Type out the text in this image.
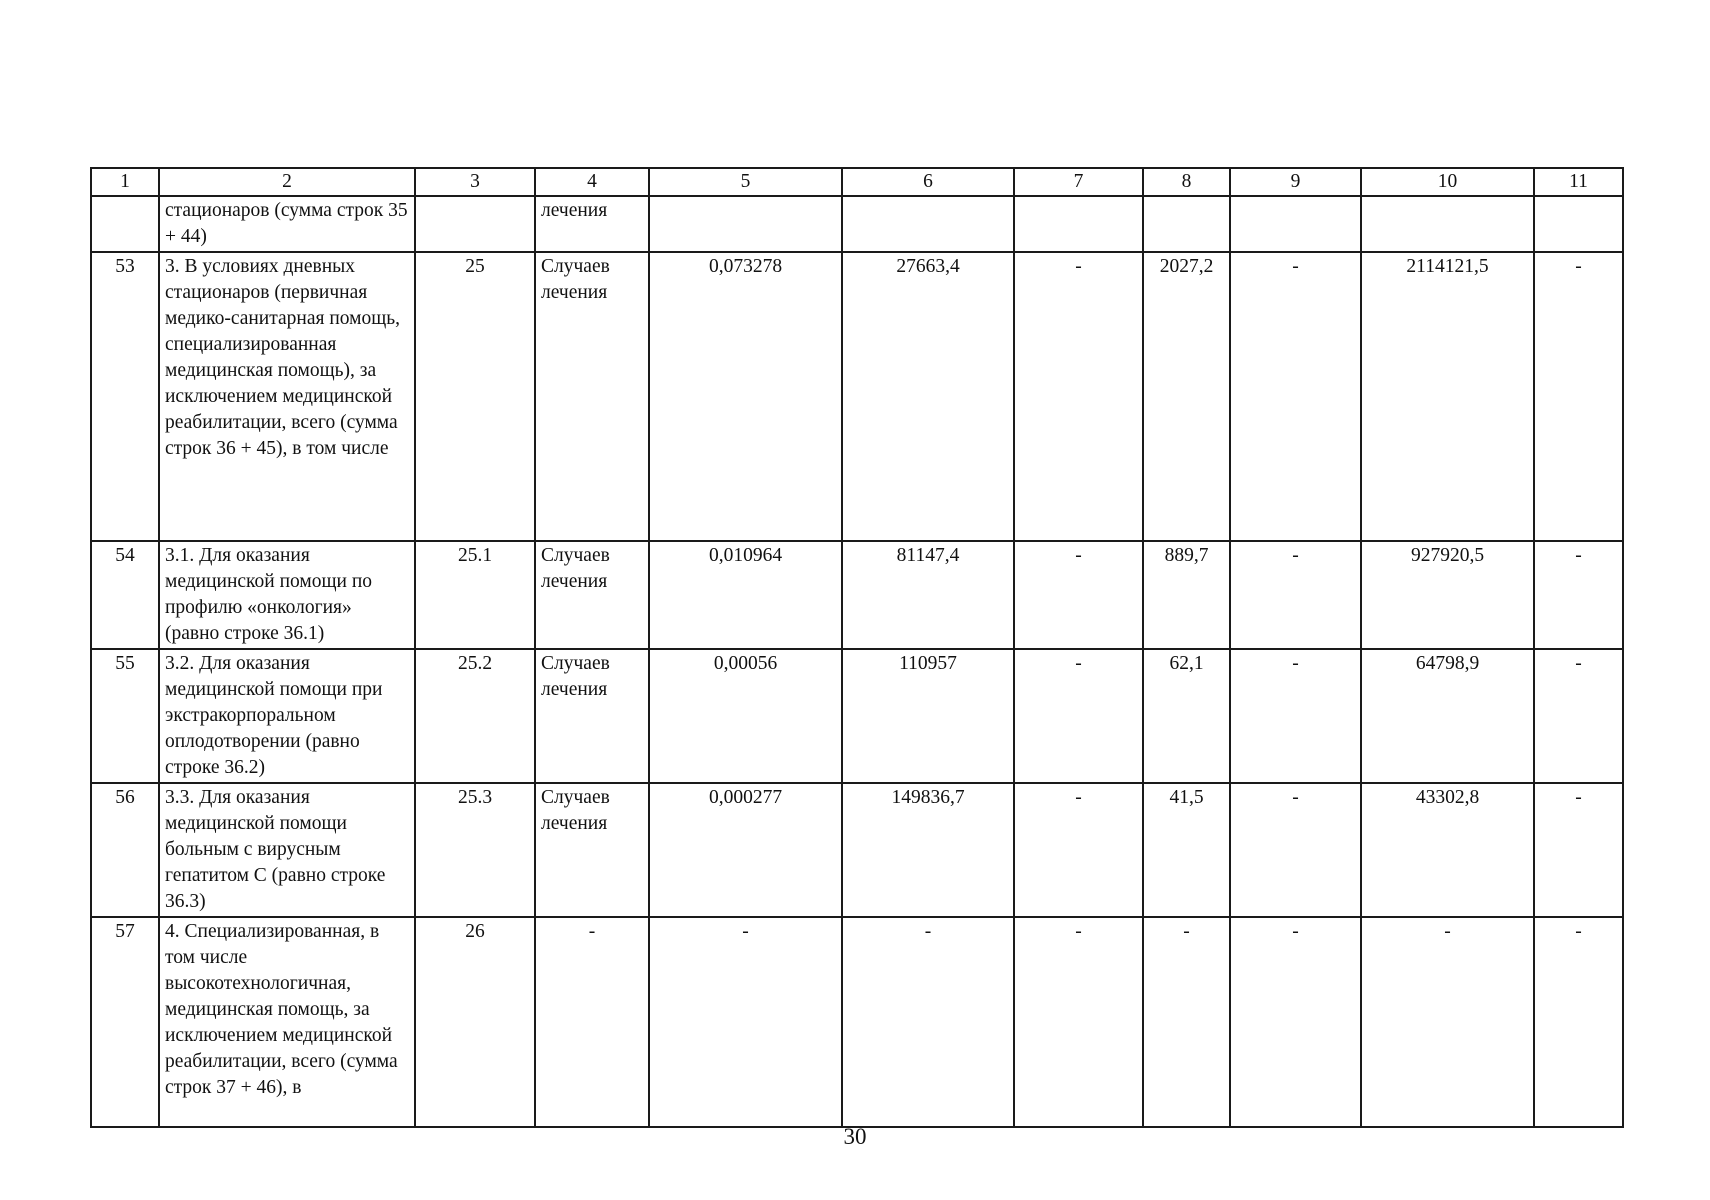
1	2	3	4	5	6	7	8	9	10	11
	стационаров (сумма строк 35 + 44)		лечения							
53	3. В условиях дневных стационаров (первичная медико-санитарная помощь, специализированная медицинская помощь), за исключением медицинской реабилитации, всего (сумма строк 36 + 45), в том числе	25	Случаев лечения	0,073278	27663,4	-	2027,2	-	2114121,5	-
54	3.1. Для оказания медицинской помощи по профилю «онкология» (равно строке 36.1)	25.1	Случаев лечения	0,010964	81147,4	-	889,7	-	927920,5	-
55	3.2. Для оказания медицинской помощи при экстракорпоральном оплодотворении (равно строке 36.2)	25.2	Случаев лечения	0,00056	110957	-	62,1	-	64798,9	-
56	3.3. Для оказания медицинской помощи больным с вирусным гепатитом С (равно строке 36.3)	25.3	Случаев лечения	0,000277	149836,7	-	41,5	-	43302,8	-
57	4. Специализированная, в том числе высокотехнологичная, медицинская помощь, за исключением медицинской реабилитации, всего (сумма строк 37 + 46), в	26	-	-	-	-	-	-	-	-
30
